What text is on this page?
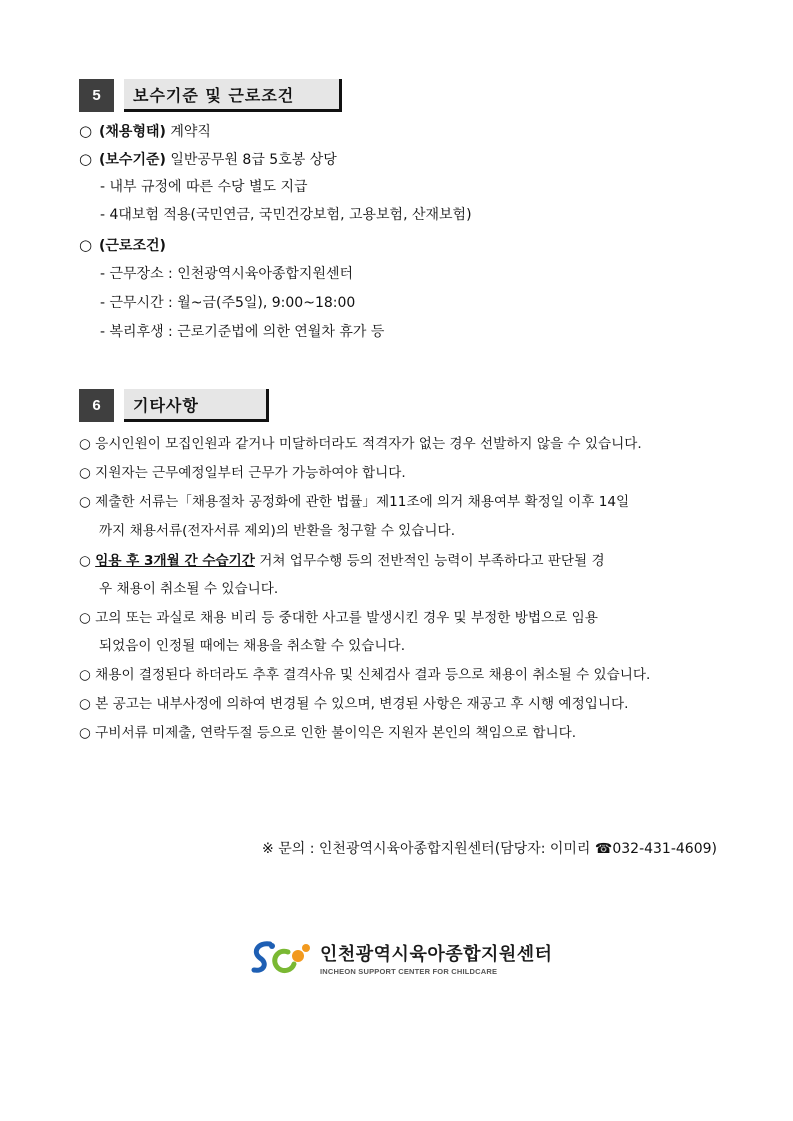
5	보수기준 및 근로조건
○ (채용형태) 계약직
○ (보수기준) 일반공무원 8급 5호봉 상당
- 내부 규정에 따른 수당 별도 지급
- 4대보험 적용(국민연금, 국민건강보험, 고용보험, 산재보험)
○ (근로조건)
- 근무장소 : 인천광역시육아종합지원센터
- 근무시간 : 월~금(주5일), 9:00~18:00
- 복리후생 : 근로기준법에 의한 연월차 휴가 등
6	기타사항
○ 응시인원이 모집인원과 같거나 미달하더라도 적격자가 없는 경우 선발하지 않을 수 있습니다.
○ 지원자는 근무예정일부터 근무가 가능하여야 합니다.
○ 제출한 서류는「채용절차 공정화에 관한 법률」제11조에 의거 채용여부 확정일 이후 14일
까지 채용서류(전자서류 제외)의 반환을 청구할 수 있습니다.
○ 임용 후 3개월 간 수습기간 거쳐 업무수행 등의 전반적인 능력이 부족하다고 판단될 경
우 채용이 취소될 수 있습니다.
○ 고의 또는 과실로 채용 비리 등 중대한 사고를 발생시킨 경우 및 부정한 방법으로 임용
되었음이 인정될 때에는 채용을 취소할 수 있습니다.
○ 채용이 결정된다 하더라도 추후 결격사유 및 신체검사 결과 등으로 채용이 취소될 수 있습니다.
○ 본 공고는 내부사정에 의하여 변경될 수 있으며, 변경된 사항은 재공고 후 시행 예정입니다.
○ 구비서류 미제출, 연락두절 등으로 인한 불이익은 지원자 본인의 책임으로 합니다.
※ 문의 : 인천광역시육아종합지원센터(담당자: 이미리 ☎032-431-4609)
인천광역시육아종합지원센터
INCHEON SUPPORT CENTER FOR CHILDCARE
